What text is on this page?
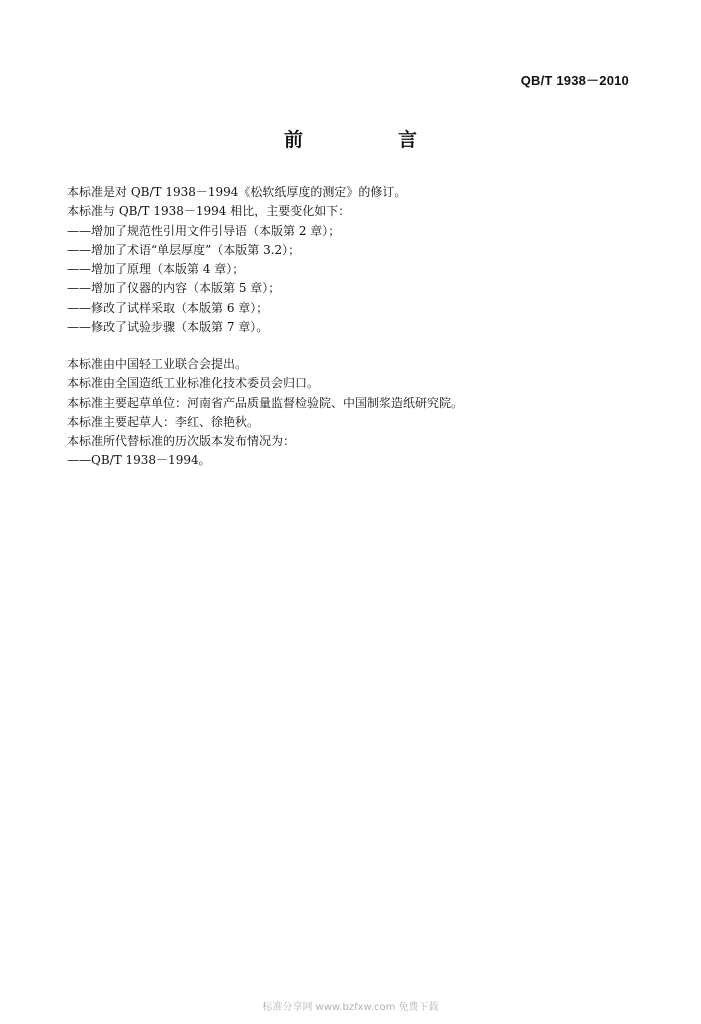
QB/T 1938－2010
前　言
本标准是对 QB/T 1938－1994《松软纸厚度的测定》的修订。
本标准与 QB/T 1938－1994 相比，主要变化如下：
——增加了规范性引用文件引导语（本版第 2 章）；
——增加了术语“单层厚度”（本版第 3.2）；
——增加了原理（本版第 4 章）；
——增加了仪器的内容（本版第 5 章）；
——修改了试样采取（本版第 6 章）；
——修改了试验步骤（本版第 7 章）。
本标准由中国轻工业联合会提出。
本标准由全国造纸工业标准化技术委员会归口。
本标准主要起草单位：河南省产品质量监督检验院、中国制浆造纸研究院。
本标准主要起草人：李红、徐艳秋。
本标准所代替标准的历次版本发布情况为：
——QB/T 1938－1994。
标准分享网 www.bzfxw.com 免费下载
